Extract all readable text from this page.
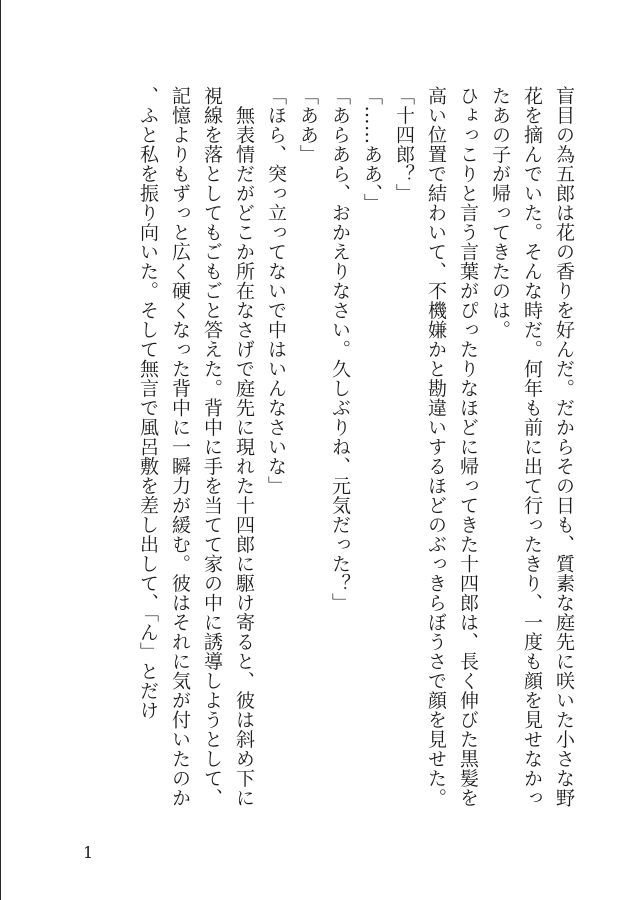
盲目の為五郎は花の香りを好んだ。だからその日も、質素な庭先に咲いた小さな野花を摘んでいた。そんな時だ。何年も前に出て行ったきり、一度も顔を見せなかったあの子が帰ってきたのは。

ひょっこりと言う言葉がぴったりなほどに帰ってきた十四郎は、長く伸びた黒髪を高い位置で結わいて、不機嫌かと勘違いするほどのぶっきらぼうさで顔を見せた。

「十四郎？」

「……ああ、」

「あらあら、おかえりなさい。久しぶりね、元気だった？」

「ああ」

「ほら、突っ立ってないで中はいんなさいな」

　無表情だがどこか所在なさげで庭先に現れた十四郎に駆け寄ると、彼は斜め下に視線を落としてもごもごと答えた。背中に手を当てて家の中に誘導しようとして、記憶よりもずっと広く硬くなった背中に一瞬力が緩む。彼はそれに気が付いたのか、ふと私を振り向いた。そして無言で風呂敷を差し出して、「ん」とだけ

1
